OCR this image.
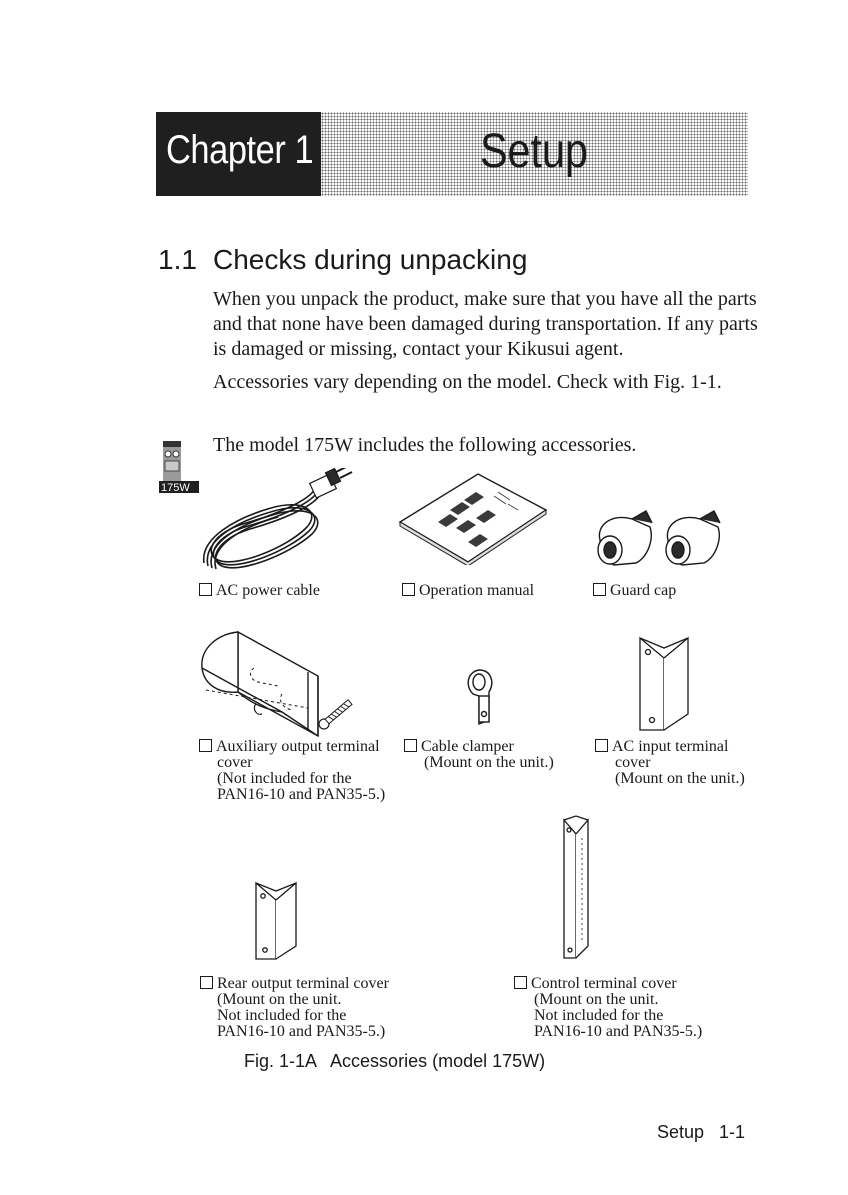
Chapter 1	Setup
1.1 Checks during unpacking
When you unpack the product, make sure that you have all the parts and that none have been damaged during transportation. If any parts is damaged or missing, contact your Kikusui agent.
Accessories vary depending on the model. Check with Fig. 1-1.
175W
The model 175W includes the following accessories.
AC power cable	Operation manual	Guard cap
Auxiliary output terminal
cover
(Not included for the
PAN16-10 and PAN35-5.)
Cable clamper
(Mount on the unit.)
AC input terminal
cover
(Mount on the unit.)
Rear output terminal cover
(Mount on the unit.
Not included for the
PAN16-10 and PAN35-5.)
Control terminal cover
(Mount on the unit.
Not included for the
PAN16-10 and PAN35-5.)
Fig. 1-1A   Accessories (model 175W)
Setup   1-1
